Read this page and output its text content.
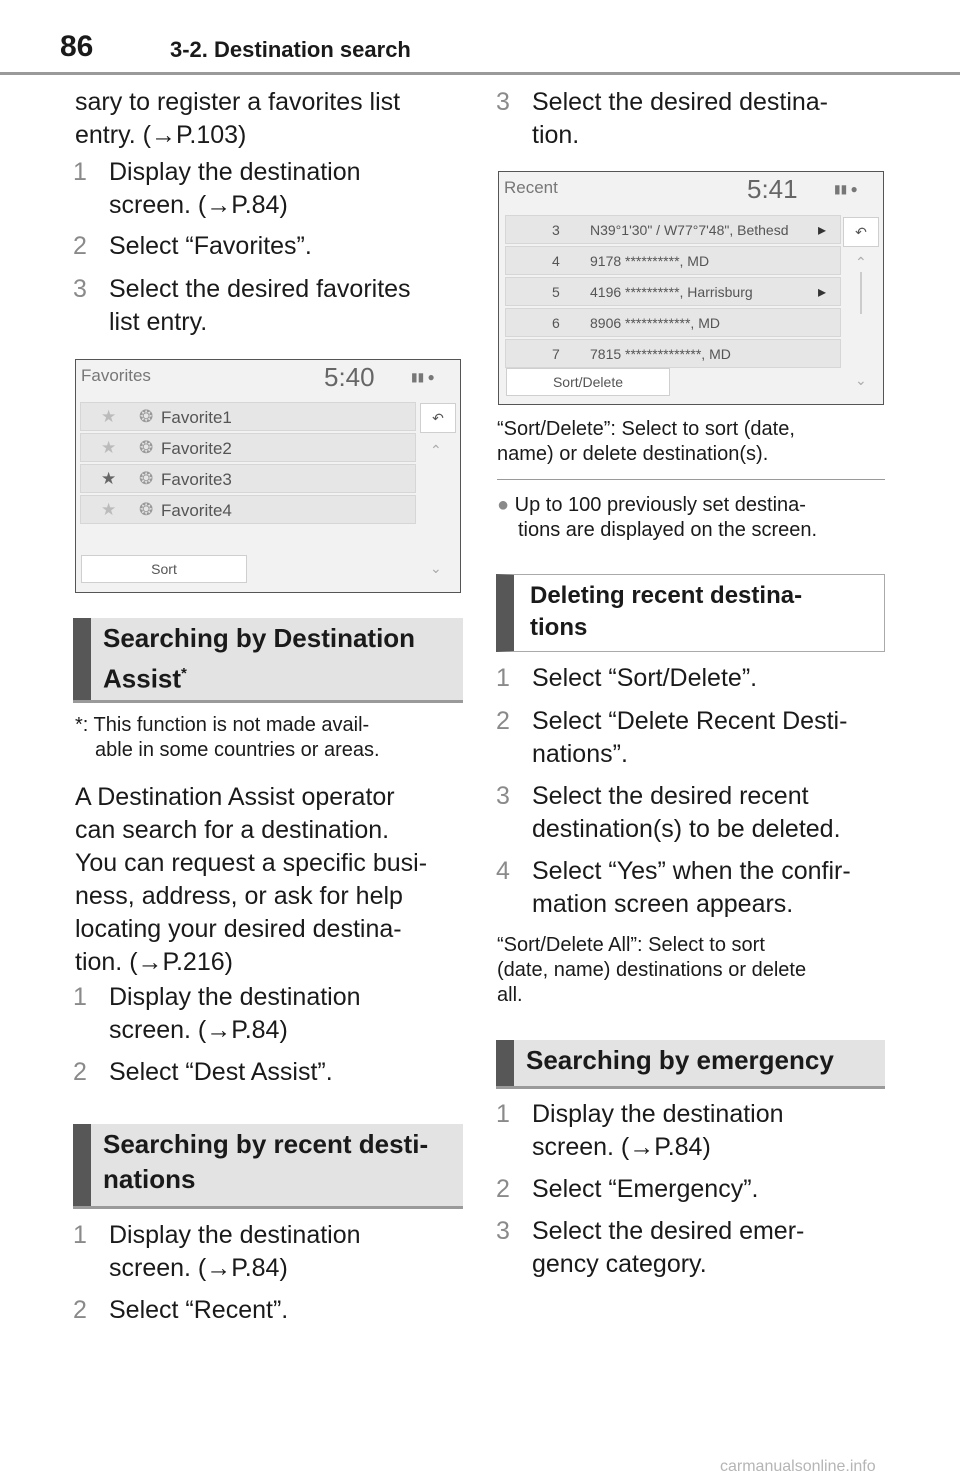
86	3-2. Destination search
sary to register a favorites list
entry. (→P.103)
1 Display the destination
screen. (→P.84)
2 Select “Favorites”.
3 Select the desired favorites
list entry.
Favorites	5:40	▮▮ ●
★ ❂ Favorite1
★ ❂ Favorite2
★ ❂ Favorite3
★ ❂ Favorite4
↶
⌃
⌄
Sort
Searching by Destination
Assist*
*: This function is not made avail-
able in some countries or areas.
A Destination Assist operator
can search for a destination.
You can request a specific busi-
ness, address, or ask for help
locating your desired destina-
tion. (→P.216)
1 Display the destination
screen. (→P.84)
2 Select “Dest Assist”.
Searching by recent desti-
nations
1 Display the destination
screen. (→P.84)
2 Select “Recent”.
3 Select the desired destina-
tion.
Recent	5:41	▮▮ ●
3 N39°1'30" / W77°7'48", Bethesd ▸
4 9178 **********, MD
5 4196 **********, Harrisburg	▸
6 8906 ************, MD
7 7815 **************, MD
↶
⌃
⌄
Sort/Delete
“Sort/Delete”: Select to sort (date,
name) or delete destination(s).
● Up to 100 previously set destina-
tions are displayed on the screen.
Deleting recent destina-
tions
1 Select “Sort/Delete”.
2 Select “Delete Recent Desti-
nations”.
3 Select the desired recent
destination(s) to be deleted.
4 Select “Yes” when the confir-
mation screen appears.
“Sort/Delete All”: Select to sort
(date, name) destinations or delete
all.
Searching by emergency
1 Display the destination
screen. (→P.84)
2 Select “Emergency”.
3 Select the desired emer-
gency category.
carmanualsonline.info
